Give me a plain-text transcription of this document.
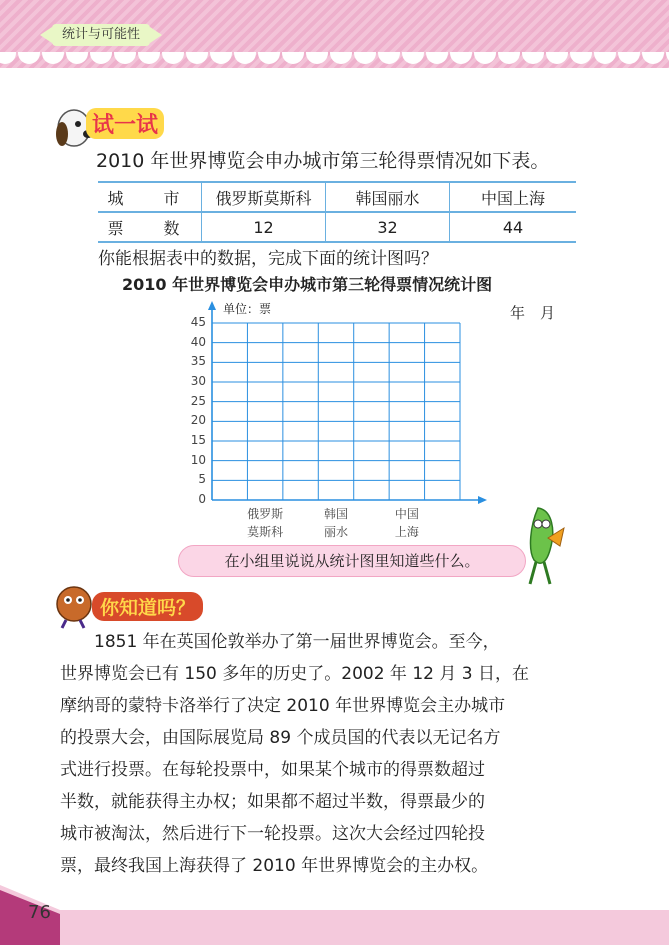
统计与可能性
试一试
2010 年世界博览会申办城市第三轮得票情况如下表。
城　市	俄罗斯莫斯科	韩国丽水	中国上海
票　数	12	32	44
你能根据表中的数据，完成下面的统计图吗？
2010 年世界博览会申办城市第三轮得票情况统计图
年　月
单位：票
0
5
10
15
20
25
30
35
40
45
俄罗斯
莫斯科
韩国
丽水
中国
上海
在小组里说说从统计图里知道些什么。
你知道吗？
1851 年在英国伦敦举办了第一届世界博览会。至今，
世界博览会已有 150 多年的历史了。2002 年 12 月 3 日，在
摩纳哥的蒙特卡洛举行了决定 2010 年世界博览会主办城市
的投票大会，由国际展览局 89 个成员国的代表以无记名方
式进行投票。在每轮投票中，如果某个城市的得票数超过
半数，就能获得主办权；如果都不超过半数，得票最少的
城市被淘汰，然后进行下一轮投票。这次大会经过四轮投
票，最终我国上海获得了 2010 年世界博览会的主办权。
76
